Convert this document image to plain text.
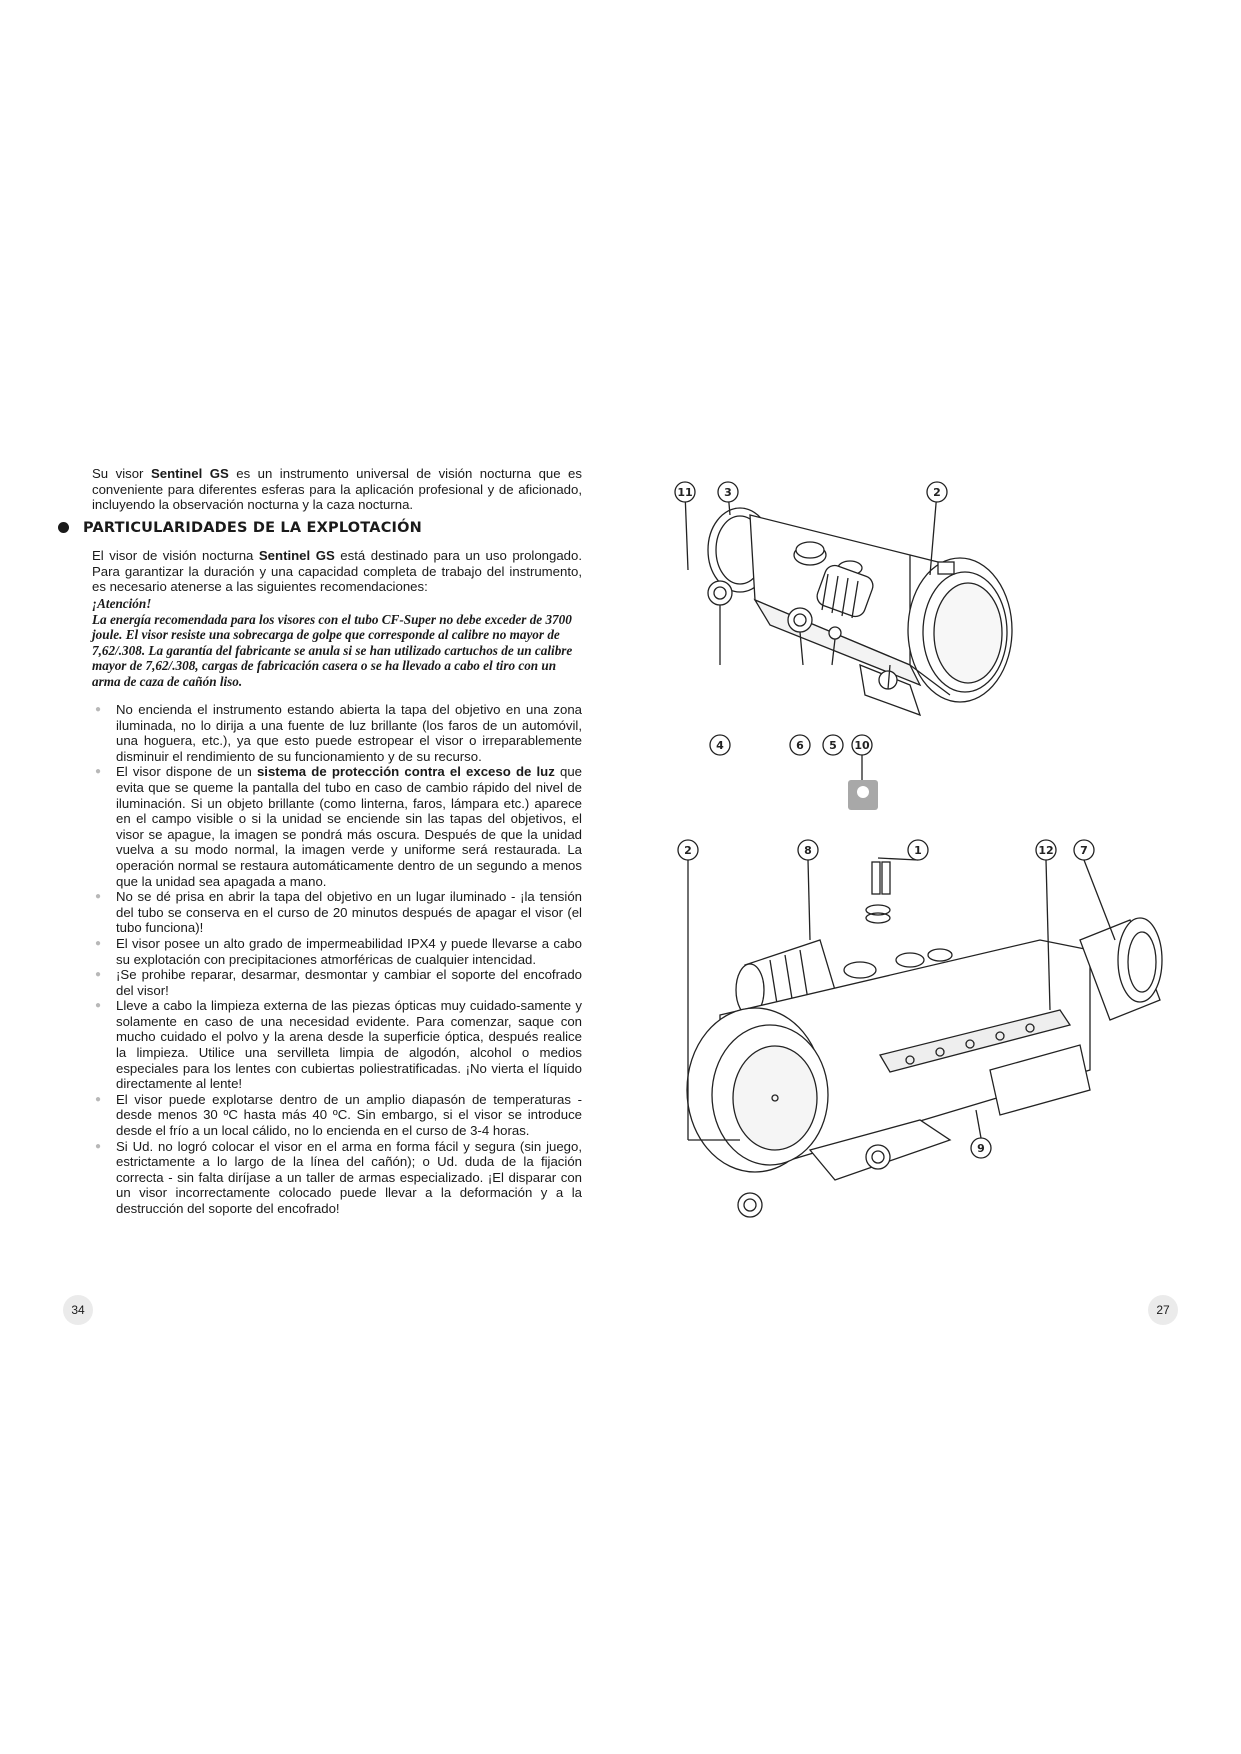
Su visor Sentinel GS es un instrumento universal de visión nocturna que es conveniente para diferentes esferas para la aplicación profesional y de aficionado, incluyendo la observación nocturna y la caza nocturna.

PARTICULARIDADES DE LA EXPLOTACIÓN
El visor de visión nocturna Sentinel GS está destinado para un uso prolongado. Para garantizar la duración y una capacidad completa de trabajo del instrumento, es necesario atenerse a las siguientes recomendaciones:
¡Atención!
La energía recomendada para los visores con el tubo CF-Super no debe exceder de 3700 joule. El visor resiste una sobrecarga de golpe que corresponde al calibre no mayor de 7,62/.308. La garantía del fabricante se anula si se han utilizado cartuchos de un calibre mayor de 7,62/.308, cargas de fabricación casera o se ha llevado a cabo el tiro con un arma de caza de cañón liso.
● No encienda el instrumento estando abierta la tapa del objetivo en una zona iluminada, no lo dirija a una fuente de luz brillante (los faros de un automóvil, una hoguera, etc.), ya que esto puede estropear el visor o irreparablemente disminuir el rendimiento de su funcionamiento y de su recurso.
● El visor dispone de un sistema de protección contra el exceso de luz que evita que se queme la pantalla del tubo en caso de cambio rápido del nivel de iluminación. Si un objeto brillante (como linterna, faros, lámpara etc.) aparece en el campo visible o si la unidad se enciende sin las tapas del objetivos, el visor se apague, la imagen se pondrá más oscura. Después de que la unidad vuelva a su modo normal, la imagen verde y uniforme será restaurada. La operación normal se restaura automáticamente dentro de un segundo a menos que la unidad sea apagada a mano.
● No se dé prisa en abrir la tapa del objetivo en un lugar iluminado - ¡la tensión del tubo se conserva en el curso de 20 minutos después de apagar el visor (el tubo funciona)!
● El visor posee un alto grado de impermeabilidad IPX4 y puede llevarse a cabo su explotación con precipitaciones atmorféricas de cualquier intencidad.
● ¡Se prohibe reparar, desarmar, desmontar y cambiar el soporte del encofrado del visor!
● Lleve a cabo la limpieza externa de las piezas ópticas muy cuidado-samente y solamente en caso de una necesidad evidente. Para comenzar, saque con mucho cuidado el polvo y la arena desde la superficie óptica, después realice la limpieza. Utilice una servilleta limpia de algodón, alcohol o medios especiales para los lentes con cubiertas poliestratificadas. ¡No vierta el líquido directamente al lente!
● El visor puede explotarse dentro de un amplio diapasón de temperaturas - desde menos 30 ºC hasta más 40 ºC. Sin embargo, si el visor se introduce desde el frío a un local cálido, no lo encienda en el curso de 3-4 horas.
● Si Ud. no logró colocar el visor en el arma en forma fácil y segura (sin juego, estrictamente a lo largo de la línea del cañón); o Ud. duda de la fijación correcta - sin falta diríjase a un taller de armas especializado. ¡El disparar con un visor incorrectamente colocado puede llevar a la deformación y a la destrucción del soporte del encofrado!
34	27
11	3	2
4	6 5 10
2	8	1	12 7
9
